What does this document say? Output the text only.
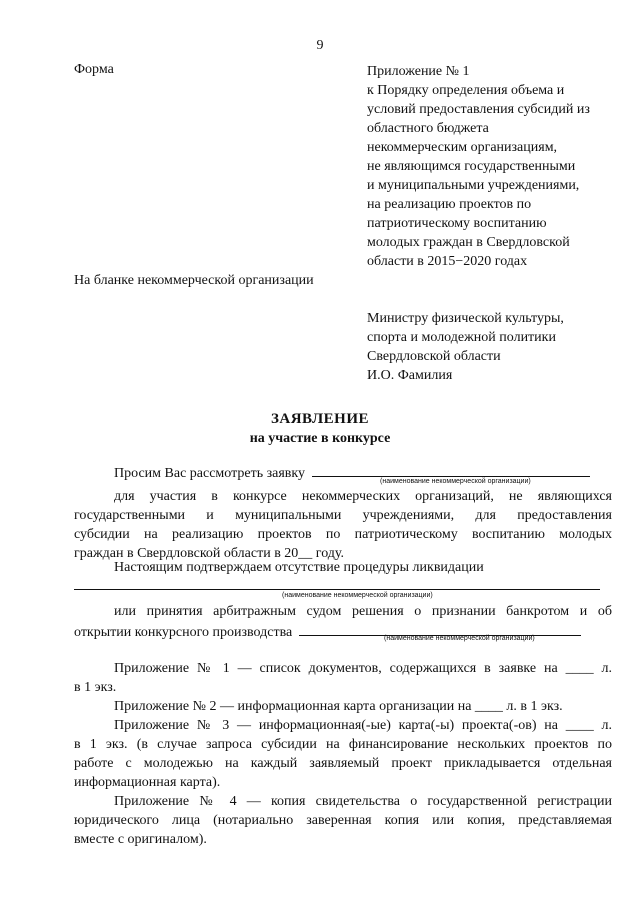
9
Форма	Приложение № 1
к Порядку определения объема и
условий предоставления субсидий из
областного бюджета
некоммерческим организациям,
не являющимся государственными
и муниципальными учреждениями,
на реализацию проектов по
патриотическому воспитанию
молодых граждан в Свердловской
области в 2015−2020 годах
На бланке некоммерческой организации
Министру физической культуры,
спорта и молодежной политики
Свердловской области
И.О. Фамилия
ЗАЯВЛЕНИЕ
на участие в конкурсе
Просим Вас рассмотреть заявку
(наименование некоммерческой организации)
для участия в конкурсе некоммерческих организаций, не являющихся
государственными и муниципальными учреждениями, для предоставления
субсидии на реализацию проектов по патриотическому воспитанию молодых
граждан в Свердловской области в 20__ году.
Настоящим подтверждаем отсутствие процедуры ликвидации
(наименование некоммерческой организации)
или принятия арбитражным судом решения о признании банкротом и об
открытии конкурсного производства	(наименование некоммерческой организации)
Приложение № 1 — список документов, содержащихся в заявке на ____ л.
в 1 экз.
Приложение № 2 — информационная карта организации на ____ л. в 1 экз.
Приложение № 3 — информационная(-ые) карта(-ы) проекта(-ов) на ____ л.
в 1 экз. (в случае запроса субсидии на финансирование нескольких проектов по
работе с молодежью на каждый заявляемый проект прикладывается отдельная
информационная карта).
Приложение № 4 — копия свидетельства о государственной регистрации
юридического лица (нотариально заверенная копия или копия, представляемая
вместе с оригиналом).
